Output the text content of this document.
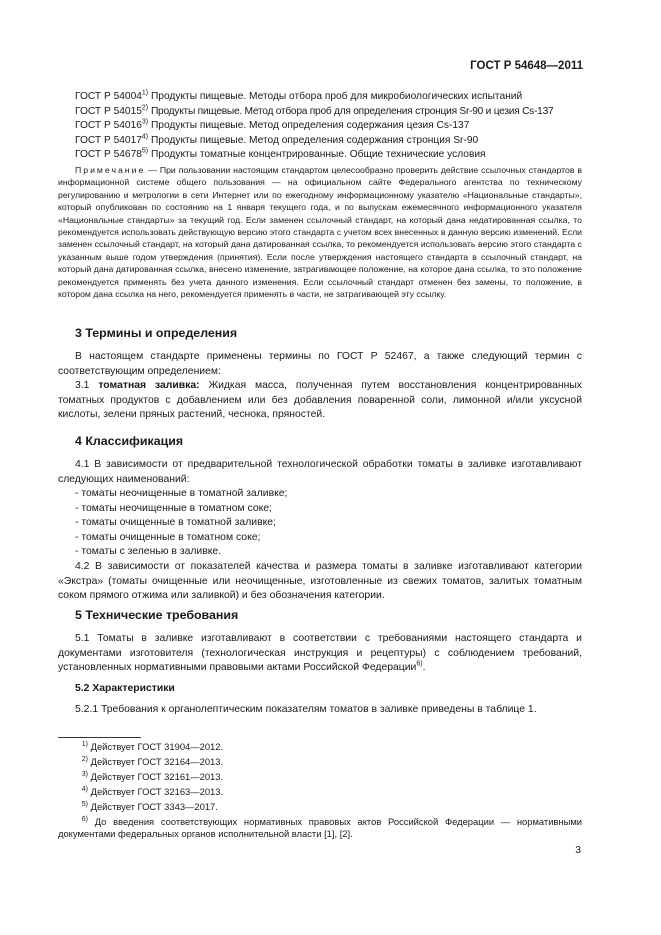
ГОСТ Р 54648—2011
ГОСТ Р 54004$^{1)}$ Продукты пищевые. Методы отбора проб для микробиологических испытаний
ГОСТ Р 54015$^{2)}$ Продукты пищевые. Метод отбора проб для определения стронция Sr-90 и цезия Cs-137
ГОСТ Р 54016$^{3)}$ Продукты пищевые. Метод определения содержания цезия Cs-137
ГОСТ Р 54017$^{4)}$ Продукты пищевые. Метод определения содержания стронция Sr-90
ГОСТ Р 54678$^{5)}$ Продукты томатные концентрированные. Общие технические условия
Примечание — При пользовании настоящим стандартом целесообразно проверить действие ссылочных стандартов в информационной системе общего пользования — на официальном сайте Федерального агентства по техническому регулированию и метрологии в сети Интернет или по ежегодному информационному указателю «Национальные стандарты», который опубликован по состоянию на 1 января текущего года, и по выпускам ежемесячного информационного указателя «Национальные стандарты» за текущий год. Если заменен ссылочный стандарт, на который дана недатированная ссылка, то рекомендуется использовать действующую версию этого стандарта с учетом всех внесенных в данную версию изменений. Если заменен ссылочный стандарт, на который дана датированная ссылка, то рекомендуется использовать версию этого стандарта с указанным выше годом утверждения (принятия). Если после утверждения настоящего стандарта в ссылочный стандарт, на который дана датированная ссылка, внесено изменение, затрагивающее положение, на которое дана ссылка, то это положение рекомендуется применять без учета данного изменения. Если ссылочный стандарт отменен без замены, то положение, в котором дана ссылка на него, рекомендуется применять в части, не затрагивающей эту ссылку.
3 Термины и определения
В настоящем стандарте применены термины по ГОСТ Р 52467, а также следующий термин с соответствующим определением:
3.1 томатная заливка: Жидкая масса, полученная путем восстановления концентрированных томатных продуктов с добавлением или без добавления поваренной соли, лимонной и/или уксусной кислоты, зелени пряных растений, чеснока, пряностей.
4 Классификация
4.1 В зависимости от предварительной технологической обработки томаты в заливке изготавливают следующих наименований:
- томаты неочищенные в томатной заливке;
- томаты неочищенные в томатном соке;
- томаты очищенные в томатной заливке;
- томаты очищенные в томатном соке;
- томаты с зеленью в заливке.
4.2 В зависимости от показателей качества и размера томаты в заливке изготавливают категории «Экстра» (томаты очищенные или неочищенные, изготовленные из свежих томатов, залитых томатным соком прямого отжима или заливкой) и без обозначения категории.
5 Технические требования
5.1 Томаты в заливке изготавливают в соответствии с требованиями настоящего стандарта и документами изготовителя (технологическая инструкция и рецептуры) с соблюдением требований, установленных нормативными правовыми актами Российской Федерации$^{6)}$.
5.2 Характеристики
5.2.1 Требования к органолептическим показателям томатов в заливке приведены в таблице 1.
$^{1)}$ Действует ГОСТ 31904—2012.
$^{2)}$ Действует ГОСТ 32164—2013.
$^{3)}$ Действует ГОСТ 32161—2013.
$^{4)}$ Действует ГОСТ 32163—2013.
$^{5)}$ Действует ГОСТ 3343—2017.
$^{6)}$ До введения соответствующих нормативных правовых актов Российской Федерации — нормативными документами федеральных органов исполнительной власти [1], [2].
3
